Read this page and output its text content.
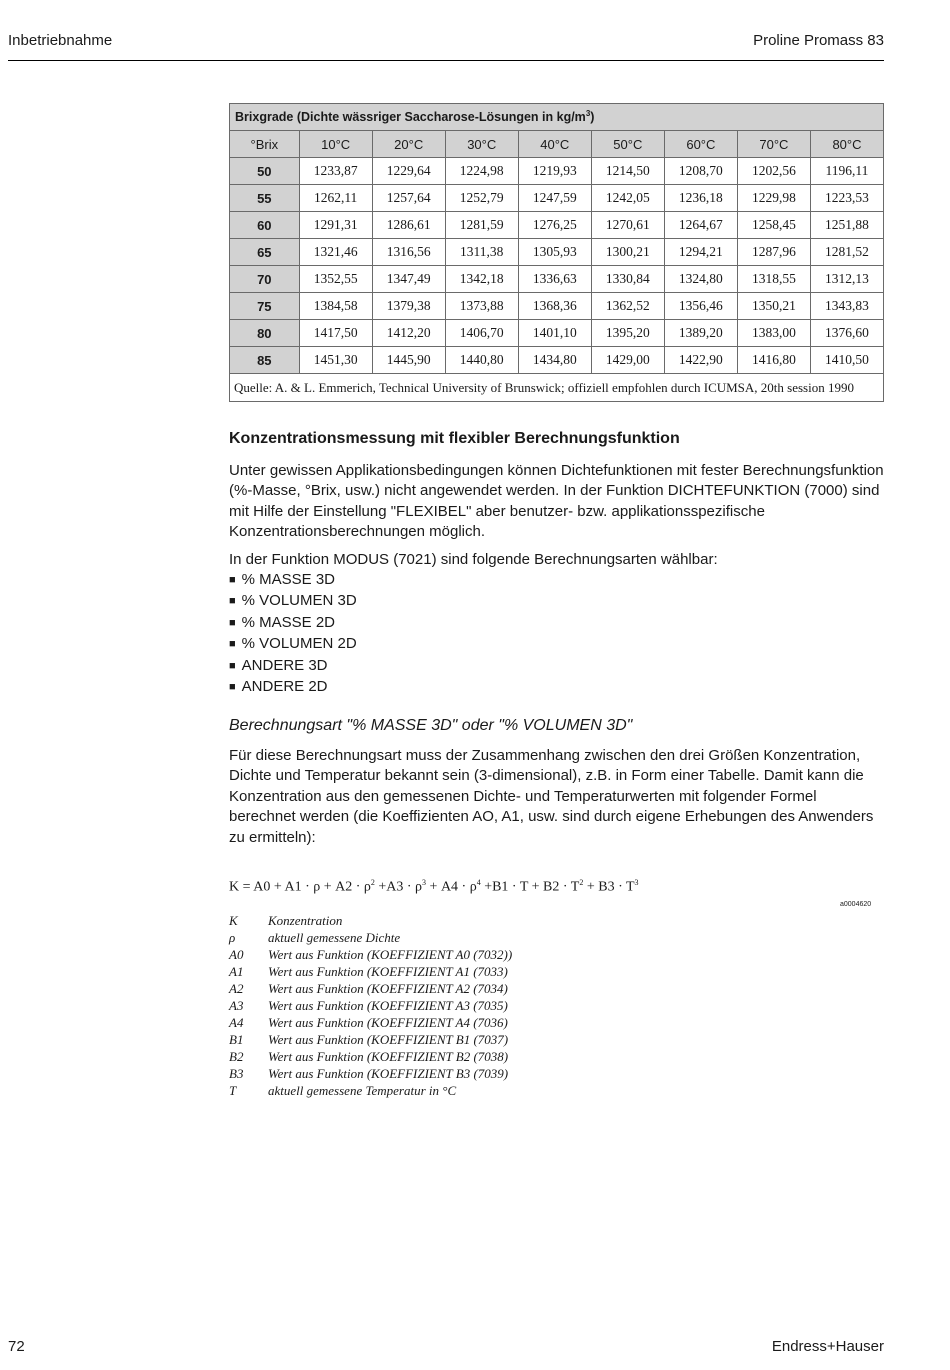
Inbetriebnahme	Proline Promass 83
Brixgrade (Dichte wässriger Saccharose-Lösungen in $kg/m^3$)								
°Brix	10°C	20°C	30°C	40°C	50°C	60°C	70°C	80°C
50	1233,87	1229,64	1224,98	1219,93	1214,50	1208,70	1202,56	1196,11
55	1262,11	1257,64	1252,79	1247,59	1242,05	1236,18	1229,98	1223,53
60	1291,31	1286,61	1281,59	1276,25	1270,61	1264,67	1258,45	1251,88
65	1321,46	1316,56	1311,38	1305,93	1300,21	1294,21	1287,96	1281,52
70	1352,55	1347,49	1342,18	1336,63	1330,84	1324,80	1318,55	1312,13
75	1384,58	1379,38	1373,88	1368,36	1362,52	1356,46	1350,21	1343,83
80	1417,50	1412,20	1406,70	1401,10	1395,20	1389,20	1383,00	1376,60
85	1451,30	1445,90	1440,80	1434,80	1429,00	1422,90	1416,80	1410,50
Quelle: A. & L. Emmerich, Technical University of Brunswick; offiziell empfohlen durch ICUMSA, 20th session 1990								
Konzentrationsmessung mit flexibler Berechnungsfunktion

Unter gewissen Applikationsbedingungen können Dichtefunktionen mit fester Berechnungsfunktion (%-Masse, °Brix, usw.) nicht angewendet werden. In der Funktion DICHTEFUNKTION (7000) sind mit Hilfe der Einstellung "FLEXIBEL" aber benutzer- bzw. applikationsspezifische Konzentrationsberechnungen möglich.

In der Funktion MODUS (7021) sind folgende Berechnungsarten wählbar:

■ % MASSE 3D
■ % VOLUMEN 3D
■ % MASSE 2D
■ % VOLUMEN 2D
■ ANDERE 3D
■ ANDERE 2D
Berechnungsart "% MASSE 3D" oder "% VOLUMEN 3D"

Für diese Berechnungsart muss der Zusammenhang zwischen den drei Größen Konzentration, Dichte und Temperatur bekannt sein (3-dimensional), z.B. in Form einer Tabelle. Damit kann die Konzentration aus den gemessenen Dichte- und Temperaturwerten mit folgender Formel berechnet werden (die Koeffizienten AO, A1, usw. sind durch eigene Erhebungen des Anwenders zu ermitteln):

$K = A0 + A1 \cdot \rho + A2 \cdot \rho^2 +A3 \cdot \rho^3 + A4 \cdot \rho^4 +B1 \cdot T + B2 \cdot T^2 + B3 \cdot T^3$
a0004620
K	Konzentration
ρ	aktuell gemessene Dichte
A0	Wert aus Funktion (KOEFFIZIENT A0 (7032))
A1	Wert aus Funktion (KOEFFIZIENT A1 (7033)
A2	Wert aus Funktion (KOEFFIZIENT A2 (7034)
A3	Wert aus Funktion (KOEFFIZIENT A3 (7035)
A4	Wert aus Funktion (KOEFFIZIENT A4 (7036)
B1	Wert aus Funktion (KOEFFIZIENT B1 (7037)
B2	Wert aus Funktion (KOEFFIZIENT B2 (7038)
B3	Wert aus Funktion (KOEFFIZIENT B3 (7039)
T	aktuell gemessene Temperatur in °C
72	Endress+Hauser
